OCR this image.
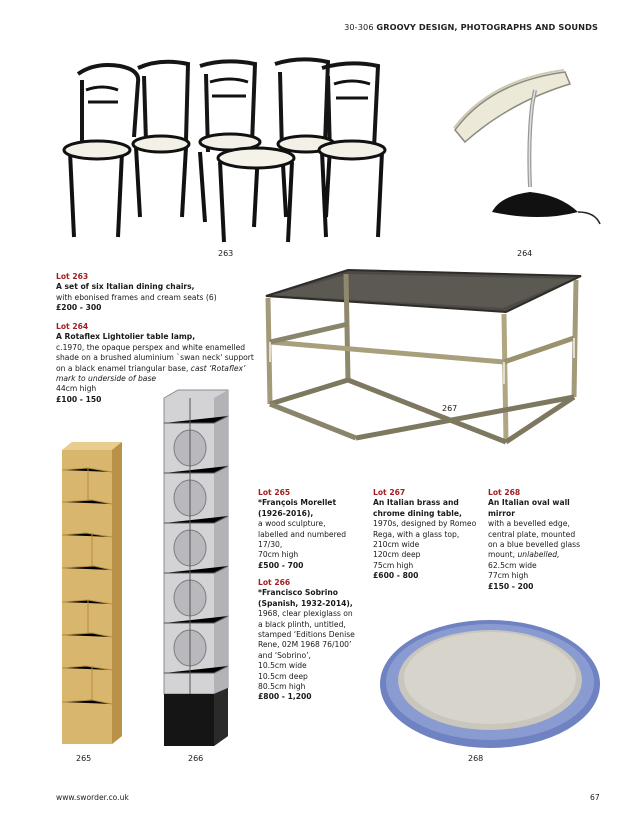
30-306 GROOVY DESIGN, PHOTOGRAPHS AND SOUNDS
263	264
Lot 263
A set of six Italian dining chairs,
with ebonised frames and cream seats (6)
£200 - 300
Lot 264
A Rotaflex Lightolier table lamp,
c.1970, the opaque perspex and white enamelled
shade on a brushed aluminium `swan neck' support
on a black enamel triangular base, cast ‘Rotaflex’
mark to underside of base
44cm high
£100 - 150
267
265	266
Lot 265
*François Morellet
(1926-2016),
a wood sculpture,
labelled and numbered
17/30,
70cm high
£500 - 700
Lot 266
*Francisco Sobrino
(Spanish, 1932-2014),
1968, clear plexiglass on
a black plinth, untitled,
stamped ‘Editions Denise
Rene, 02M 1968 76/100’
and ‘Sobrino’,
10.5cm wide
10.5cm deep
80.5cm high
£800 - 1,200
Lot 267
An Italian brass and
chrome dining table,
1970s, designed by Romeo
Rega, with a glass top,
210cm wide
120cm deep
75cm high
£600 - 800
Lot 268
An Italian oval wall
mirror
with a bevelled edge,
central plate, mounted
on a blue bevelled glass
mount, unlabelled,
62.5cm wide
77cm high
£150 - 200
268
www.sworder.co.uk	67
